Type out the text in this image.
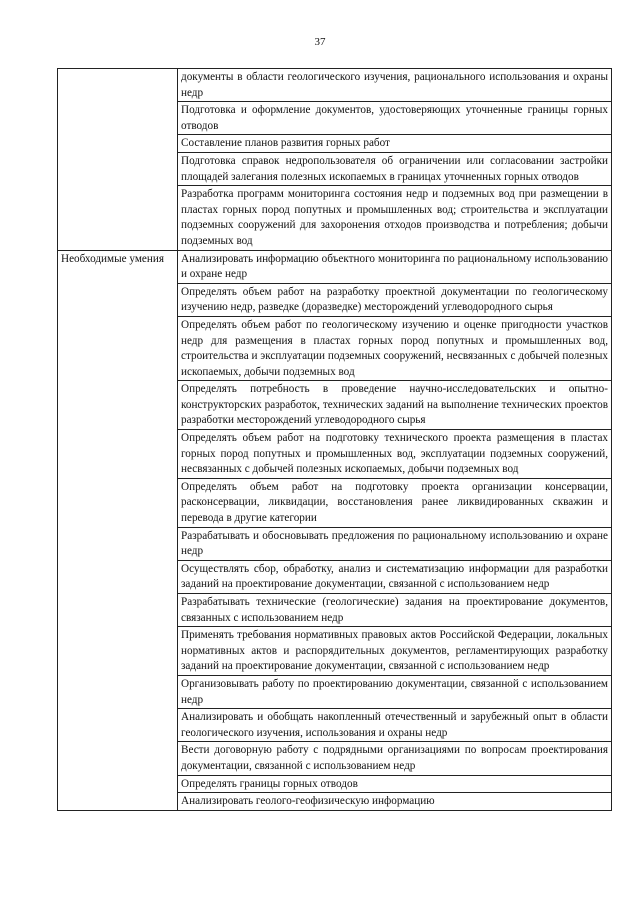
37
	документы в области геологического изучения, рационального использования и охраны недр
	Подготовка и оформление документов, удостоверяющих уточненные границы горных отводов
	Составление планов развития горных работ
	Подготовка справок недропользователя об ограничении или согласовании застройки площадей залегания полезных ископаемых в границах уточненных горных отводов
	Разработка программ мониторинга состояния недр и подземных вод при размещении в пластах горных пород попутных и промышленных вод; строительства и эксплуатации подземных сооружений для захоронения отходов производства и потребления; добычи подземных вод
Необходимые умения	Анализировать информацию объектного мониторинга по рациональному использованию и охране недр
	Определять объем работ на разработку проектной документации по геологическому изучению недр, разведке (доразведке) месторождений углеводородного сырья
	Определять объем работ по геологическому изучению и оценке пригодности участков недр для размещения в пластах горных пород попутных и промышленных вод, строительства и эксплуатации подземных сооружений, несвязанных с добычей полезных ископаемых, добычи подземных вод
	Определять потребность в проведение научно-исследовательских и опытно-конструкторских разработок, технических заданий на выполнение технических проектов разработки месторождений углеводородного сырья
	Определять объем работ на подготовку технического проекта размещения в пластах горных пород попутных и промышленных вод, эксплуатации подземных сооружений, несвязанных с добычей полезных ископаемых, добычи подземных вод
	Определять объем работ на подготовку проекта организации консервации, расконсервации, ликвидации, восстановления ранее ликвидированных скважин и перевода в другие категории
	Разрабатывать и обосновывать предложения по рациональному использованию и охране недр
	Осуществлять сбор, обработку, анализ и систематизацию информации для разработки заданий на проектирование документации, связанной с использованием недр
	Разрабатывать технические (геологические) задания на проектирование документов, связанных с использованием недр
	Применять требования нормативных правовых актов Российской Федерации, локальных нормативных актов и распорядительных документов, регламентирующих разработку заданий на проектирование документации, связанной с использованием недр
	Организовывать работу по проектированию документации, связанной с использованием недр
	Анализировать и обобщать накопленный отечественный и зарубежный опыт в области геологического изучения, использования и охраны недр
	Вести договорную работу с подрядными организациями по вопросам проектирования документации, связанной с использованием недр
	Определять границы горных отводов
	Анализировать геолого-геофизическую информацию
